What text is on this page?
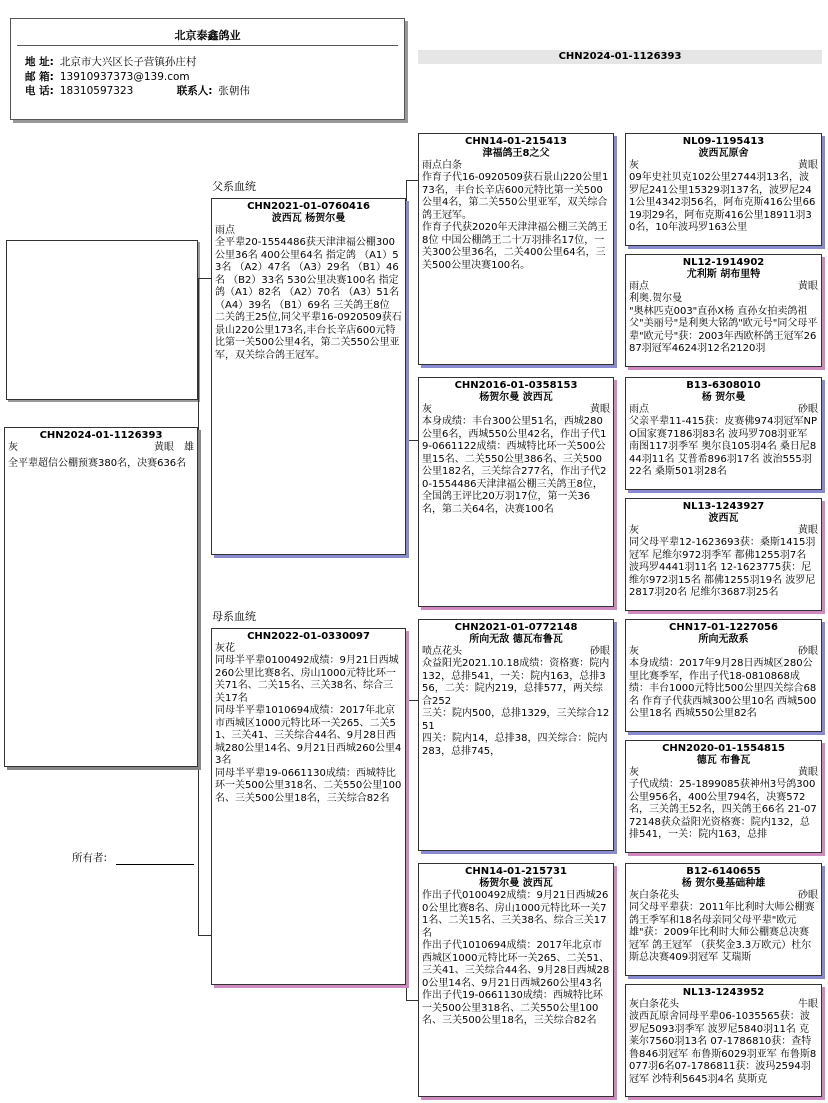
北京泰鑫鸽业
地 址: 北京市大兴区长子营镇孙庄村
邮 箱: 13910937373@139.com
电 话: 18310597323	联系人: 张朝伟
CHN2024-01-1126393
父系血统
母系血统
所有者:
CHN2024-01-1126393
灰	黄眼 雄
全平辈超信公棚预赛380名，决赛636名
CHN2021-01-0760416
波西瓦 杨贺尔曼
雨点
全平辈20-1554486获天津津福公棚300公里36名 400公里64名 指定鸽 （A1）53名 （A2）47名 （A3）29名 （B1）46名 （B2）33名 530公里决赛100名 指定鸽（A1）82名 （A2）70名 （A3）51名 （A4）39名 （B1）69名 三关鸽王8位 二关鸽王25位,同父平辈16-0920509获石景山220公里173名,丰台长辛店600元特比第一关500公里4名，第二关550公里亚军，双关综合鸽王冠军。
CHN2022-01-0330097
灰花
同母半平辈0100492成绩：9月21日西城260公里比赛8名、房山1000元特比环一关71名、二关15名、三关38名、综合三关17名
同母半平辈1010694成绩：2017年北京市西城区1000元特比环一关265、二关51、三关41、三关综合44名、9月28日西城280公里14名、9月21日西城260公里43名
同母半平辈19-0661130成绩：西城特比环一关500公里318名、二关550公里100名、三关500公里18名，三关综合82名
CHN14-01-215413
津福鸽王8之父
雨点白条
作育子代16-0920509获石景山220公里173名，丰台长辛店600元特比第一关500公里4名，第二关550公里亚军，双关综合鸽王冠军。
作育子代获2020年天津津福公棚三关鸽王8位 中国公棚鸽王二十万羽排名17位，一关300公里36名，二关400公里64名，三关500公里决赛100名。
CHN2016-01-0358153
杨贺尔曼 波西瓦
灰	黄眼
本身成绩：丰台300公里51名，西城280公里6名，西城550公里42名，作出子代19-0661122成绩：西城特比环一关500公里15名、二关550公里386名、三关500公里182名，三关综合277名，作出子代20-1554486天津津福公棚三关鸽王8位，全国鸽王评比20万羽17位，第一关36名，第二关64名，决赛100名
CHN2021-01-0772148
所向无敌 德瓦布鲁瓦
喷点花头	砂眼
众益阳光2021.10.18成绩：资格赛：院内132，总排541，一关：院内163，总排356，二关：院内219，总排577，两关综合252
三关：院内500，总排1329，三关综合1251
四关：院内14，总排38，四关综合：院内283，总排745，
CHN14-01-215731
杨贺尔曼 波西瓦
作出子代0100492成绩：9月21日西城260公里比赛8名、房山1000元特比环一关71名、二关15名、三关38名、综合三关17名
作出子代1010694成绩：2017年北京市西城区1000元特比环一关265、二关51、三关41、三关综合44名、9月28日西城280公里14名、9月21日西城260公里43名
作出子代19-0661130成绩：西城特比环一关500公里318名、二关550公里100名、三关500公里18名，三关综合82名
NL09-1195413
波西瓦原舍
灰	黄眼
09年史社贝克102公里2744羽13名，波罗尼241公里15329羽137名，波罗尼241公里4342羽56名，阿布克斯416公里6619羽29名，阿布克斯416公里18911羽30名，10年波玛罗163公里
NL12-1914902
尤利斯 胡布里特
雨点	黄眼
利奥.贺尔曼
"奥林匹克003"直孙X杨 直孙女拍卖鸽祖父"美丽号"是利奥大铭鸽"欧元号"同父母平辈"欧元号"获：2003年西欧杯鸽王冠军2687羽冠军4624羽12名2120羽
B13-6308010
杨 贺尔曼
雨点	砂眼
父亲平辈11-415获：皮赛佛974羽冠军NPO国家赛7186羽83名 波玛罗708羽亚军 南图117羽季军 奥尔良105羽4名 桑日尼844羽11名 艾普希896羽17名 波治555羽22名 桑斯501羽28名
NL13-1243927
波西瓦
灰	黄眼
同父母平辈12-1623693获：桑斯1415羽冠军 尼维尔972羽季军 都佛1255羽7名 波玛罗4441羽11名 12-1623775获：尼维尔972羽15名 都佛1255羽19名 波罗尼2817羽20名 尼维尔3687羽25名
CHN17-01-1227056
所向无敌系
灰	砂眼
本身成绩：2017年9月28日西城区280公里比赛季军，作出子代18-0810868成绩：丰台1000元特比500公里四关综合68名 作育子代获西城300公里10名 西城500公里18名 西城550公里82名
CHN2020-01-1554815
德瓦 布鲁瓦
灰	黄眼
子代成绩：25-1899085获神州3号鸽300公里956名，400公里794名，决赛572名，三关鸽王52名，四关鸽王66名 21-0772148获众益阳光资格赛：院内132，总排541，一关：院内163，总排
B12-6140655
杨 贺尔曼基础种雄
灰白条花头	砂眼
同父母平辈获：2011年比利时大师公棚赛鸽王季军和18名母亲同父母平辈"欧元雄"获：2009年比利时大师公棚赛总决赛冠军 鸽王冠军 （获奖金3.3万欧元）杜尔斯总决赛409羽冠军 艾瑞斯
NL13-1243952
灰白条花头	牛眼
波西瓦原舍同母平辈06-1035565获：波罗尼5093羽季军 波罗尼5840羽11名 克莱尔7560羽13名 07-1786810获：查特鲁846羽冠军 布鲁斯6029羽亚军 布鲁斯8077羽6名07-1786811获：波玛2594羽冠军 沙特利5645羽4名 莫斯克
